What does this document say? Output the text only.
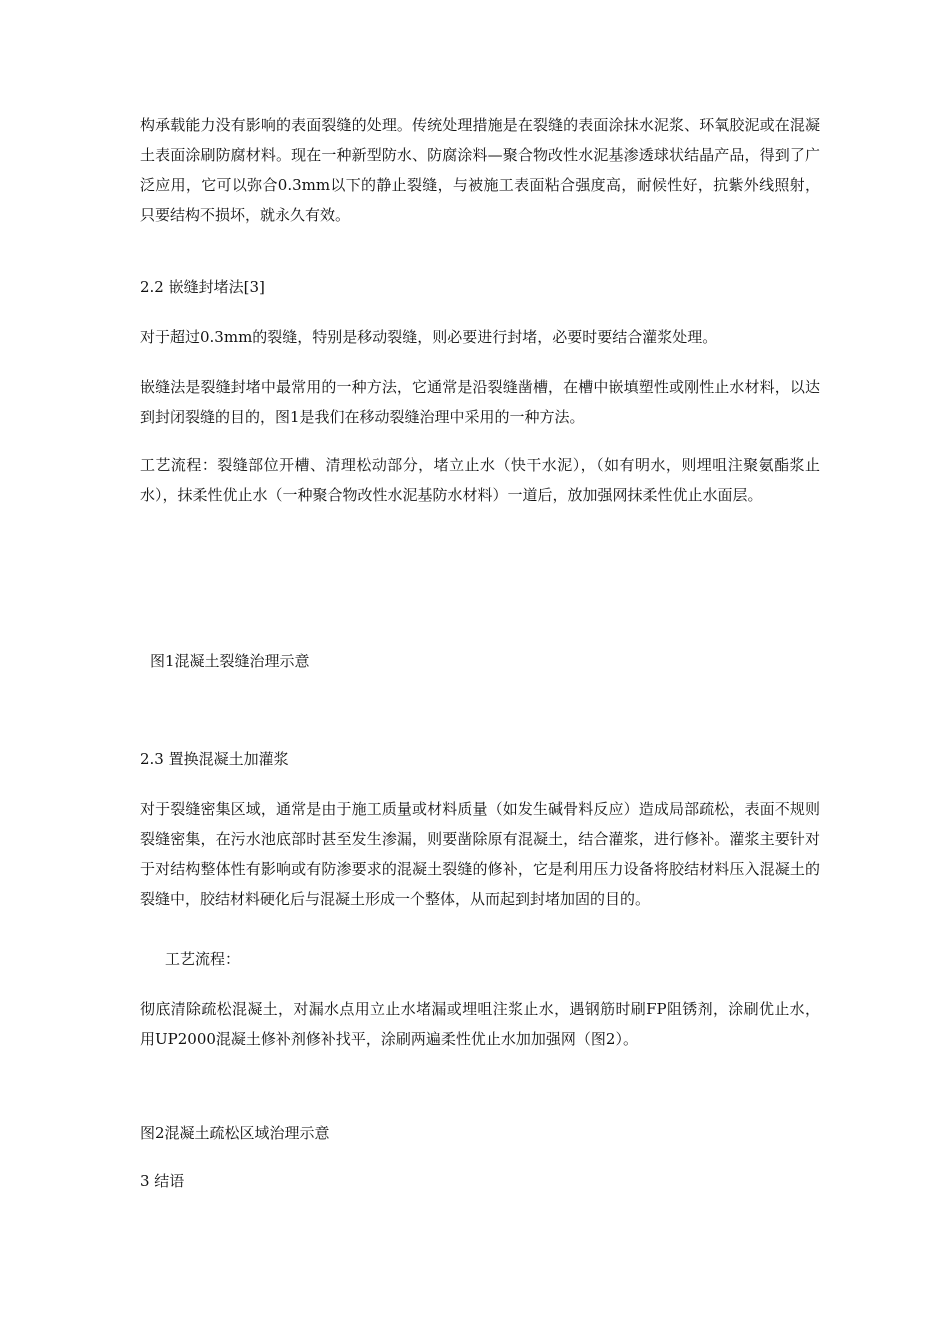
构承载能力没有影响的表面裂缝的处理。传统处理措施是在裂缝的表面涂抹水泥浆、环氧胶泥或在混凝土表面涂刷防腐材料。现在一种新型防水、防腐涂料—聚合物改性水泥基渗透球状结晶产品，得到了广泛应用，它可以弥合0.3mm以下的静止裂缝，与被施工表面粘合强度高，耐候性好，抗紫外线照射，只要结构不损坏，就永久有效。

2.2 嵌缝封堵法[3]

对于超过0.3mm的裂缝，特别是移动裂缝，则必要进行封堵，必要时要结合灌浆处理。

嵌缝法是裂缝封堵中最常用的一种方法，它通常是沿裂缝凿槽，在槽中嵌填塑性或刚性止水材料，以达到封闭裂缝的目的，图1是我们在移动裂缝治理中采用的一种方法。

工艺流程：裂缝部位开槽、清理松动部分，堵立止水（快干水泥），（如有明水，则埋咀注聚氨酯浆止水），抹柔性优止水（一种聚合物改性水泥基防水材料）一道后，放加强网抹柔性优止水面层。

图1混凝土裂缝治理示意

2.3 置换混凝土加灌浆

对于裂缝密集区域，通常是由于施工质量或材料质量（如发生碱骨料反应）造成局部疏松，表面不规则裂缝密集，在污水池底部时甚至发生渗漏，则要凿除原有混凝土，结合灌浆，进行修补。灌浆主要针对于对结构整体性有影响或有防渗要求的混凝土裂缝的修补，它是利用压力设备将胶结材料压入混凝土的裂缝中，胶结材料硬化后与混凝土形成一个整体，从而起到封堵加固的目的。

工艺流程：

彻底清除疏松混凝土，对漏水点用立止水堵漏或埋咀注浆止水，遇钢筋时刷FP阻锈剂，涂刷优止水，用UP2000混凝土修补剂修补找平，涂刷两遍柔性优止水加加强网（图2）。

图2混凝土疏松区域治理示意

3 结语
